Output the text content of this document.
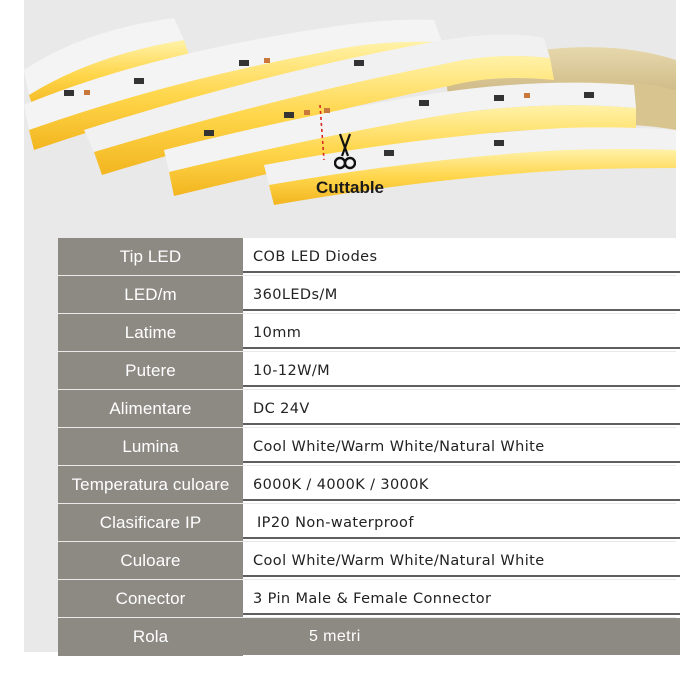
Cuttable
Tip LED	COB LED Diodes
LED/m	360LEDs/M
Latime	10mm
Putere	10-12W/M
Alimentare	DC 24V
Lumina	Cool White/Warm White/Natural White
Temperatura culoare	6000K / 4000K / 3000K
Clasificare IP	IP20 Non-waterproof
Culoare	Cool White/Warm White/Natural White
Conector	3 Pin Male & Female Connector
Rola	5 metri
